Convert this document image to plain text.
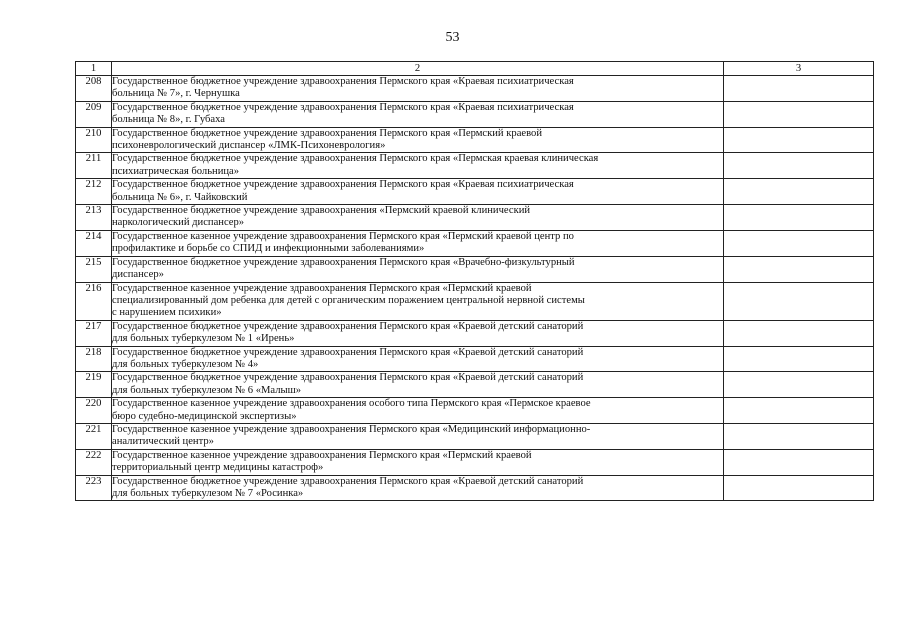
53
1	2	3
208	Государственное бюджетное учреждение здравоохранения Пермского края «Краевая психиатрическая
больница № 7», г. Чернушка	
209	Государственное бюджетное учреждение здравоохранения Пермского края «Краевая психиатрическая
больница № 8», г. Губаха	
210	Государственное бюджетное учреждение здравоохранения Пермского края «Пермский краевой
психоневрологический диспансер «ЛМК-Психоневрология»	
211	Государственное бюджетное учреждение здравоохранения Пермского края «Пермская краевая клиническая
психиатрическая больница»	
212	Государственное бюджетное учреждение здравоохранения Пермского края «Краевая психиатрическая
больница № 6», г. Чайковский	
213	Государственное бюджетное учреждение здравоохранения «Пермский краевой клинический
наркологический диспансер»	
214	Государственное казенное учреждение здравоохранения Пермского края «Пермский краевой центр по
профилактике и борьбе со СПИД и инфекционными заболеваниями»	
215	Государственное бюджетное учреждение здравоохранения Пермского края «Врачебно-физкультурный
диспансер»	
216	Государственное казенное учреждение здравоохранения Пермского края «Пермский краевой
специализированный дом ребенка для детей с органическим поражением центральной нервной системы
с нарушением психики»	
217	Государственное бюджетное учреждение здравоохранения Пермского края «Краевой детский санаторий
для больных туберкулезом № 1 «Ирень»	
218	Государственное бюджетное учреждение здравоохранения Пермского края «Краевой детский санаторий
для больных туберкулезом № 4»	
219	Государственное бюджетное учреждение здравоохранения Пермского края «Краевой детский санаторий
для больных туберкулезом № 6 «Малыш»	
220	Государственное казенное учреждение здравоохранения особого типа Пермского края «Пермское краевое
бюро судебно-медицинской экспертизы»	
221	Государственное казенное учреждение здравоохранения Пермского края «Медицинский информационно-
аналитический центр»	
222	Государственное казенное учреждение здравоохранения Пермского края «Пермский краевой
территориальный центр медицины катастроф»	
223	Государственное бюджетное учреждение здравоохранения Пермского края «Краевой детский санаторий
для больных туберкулезом № 7 «Росинка»	
